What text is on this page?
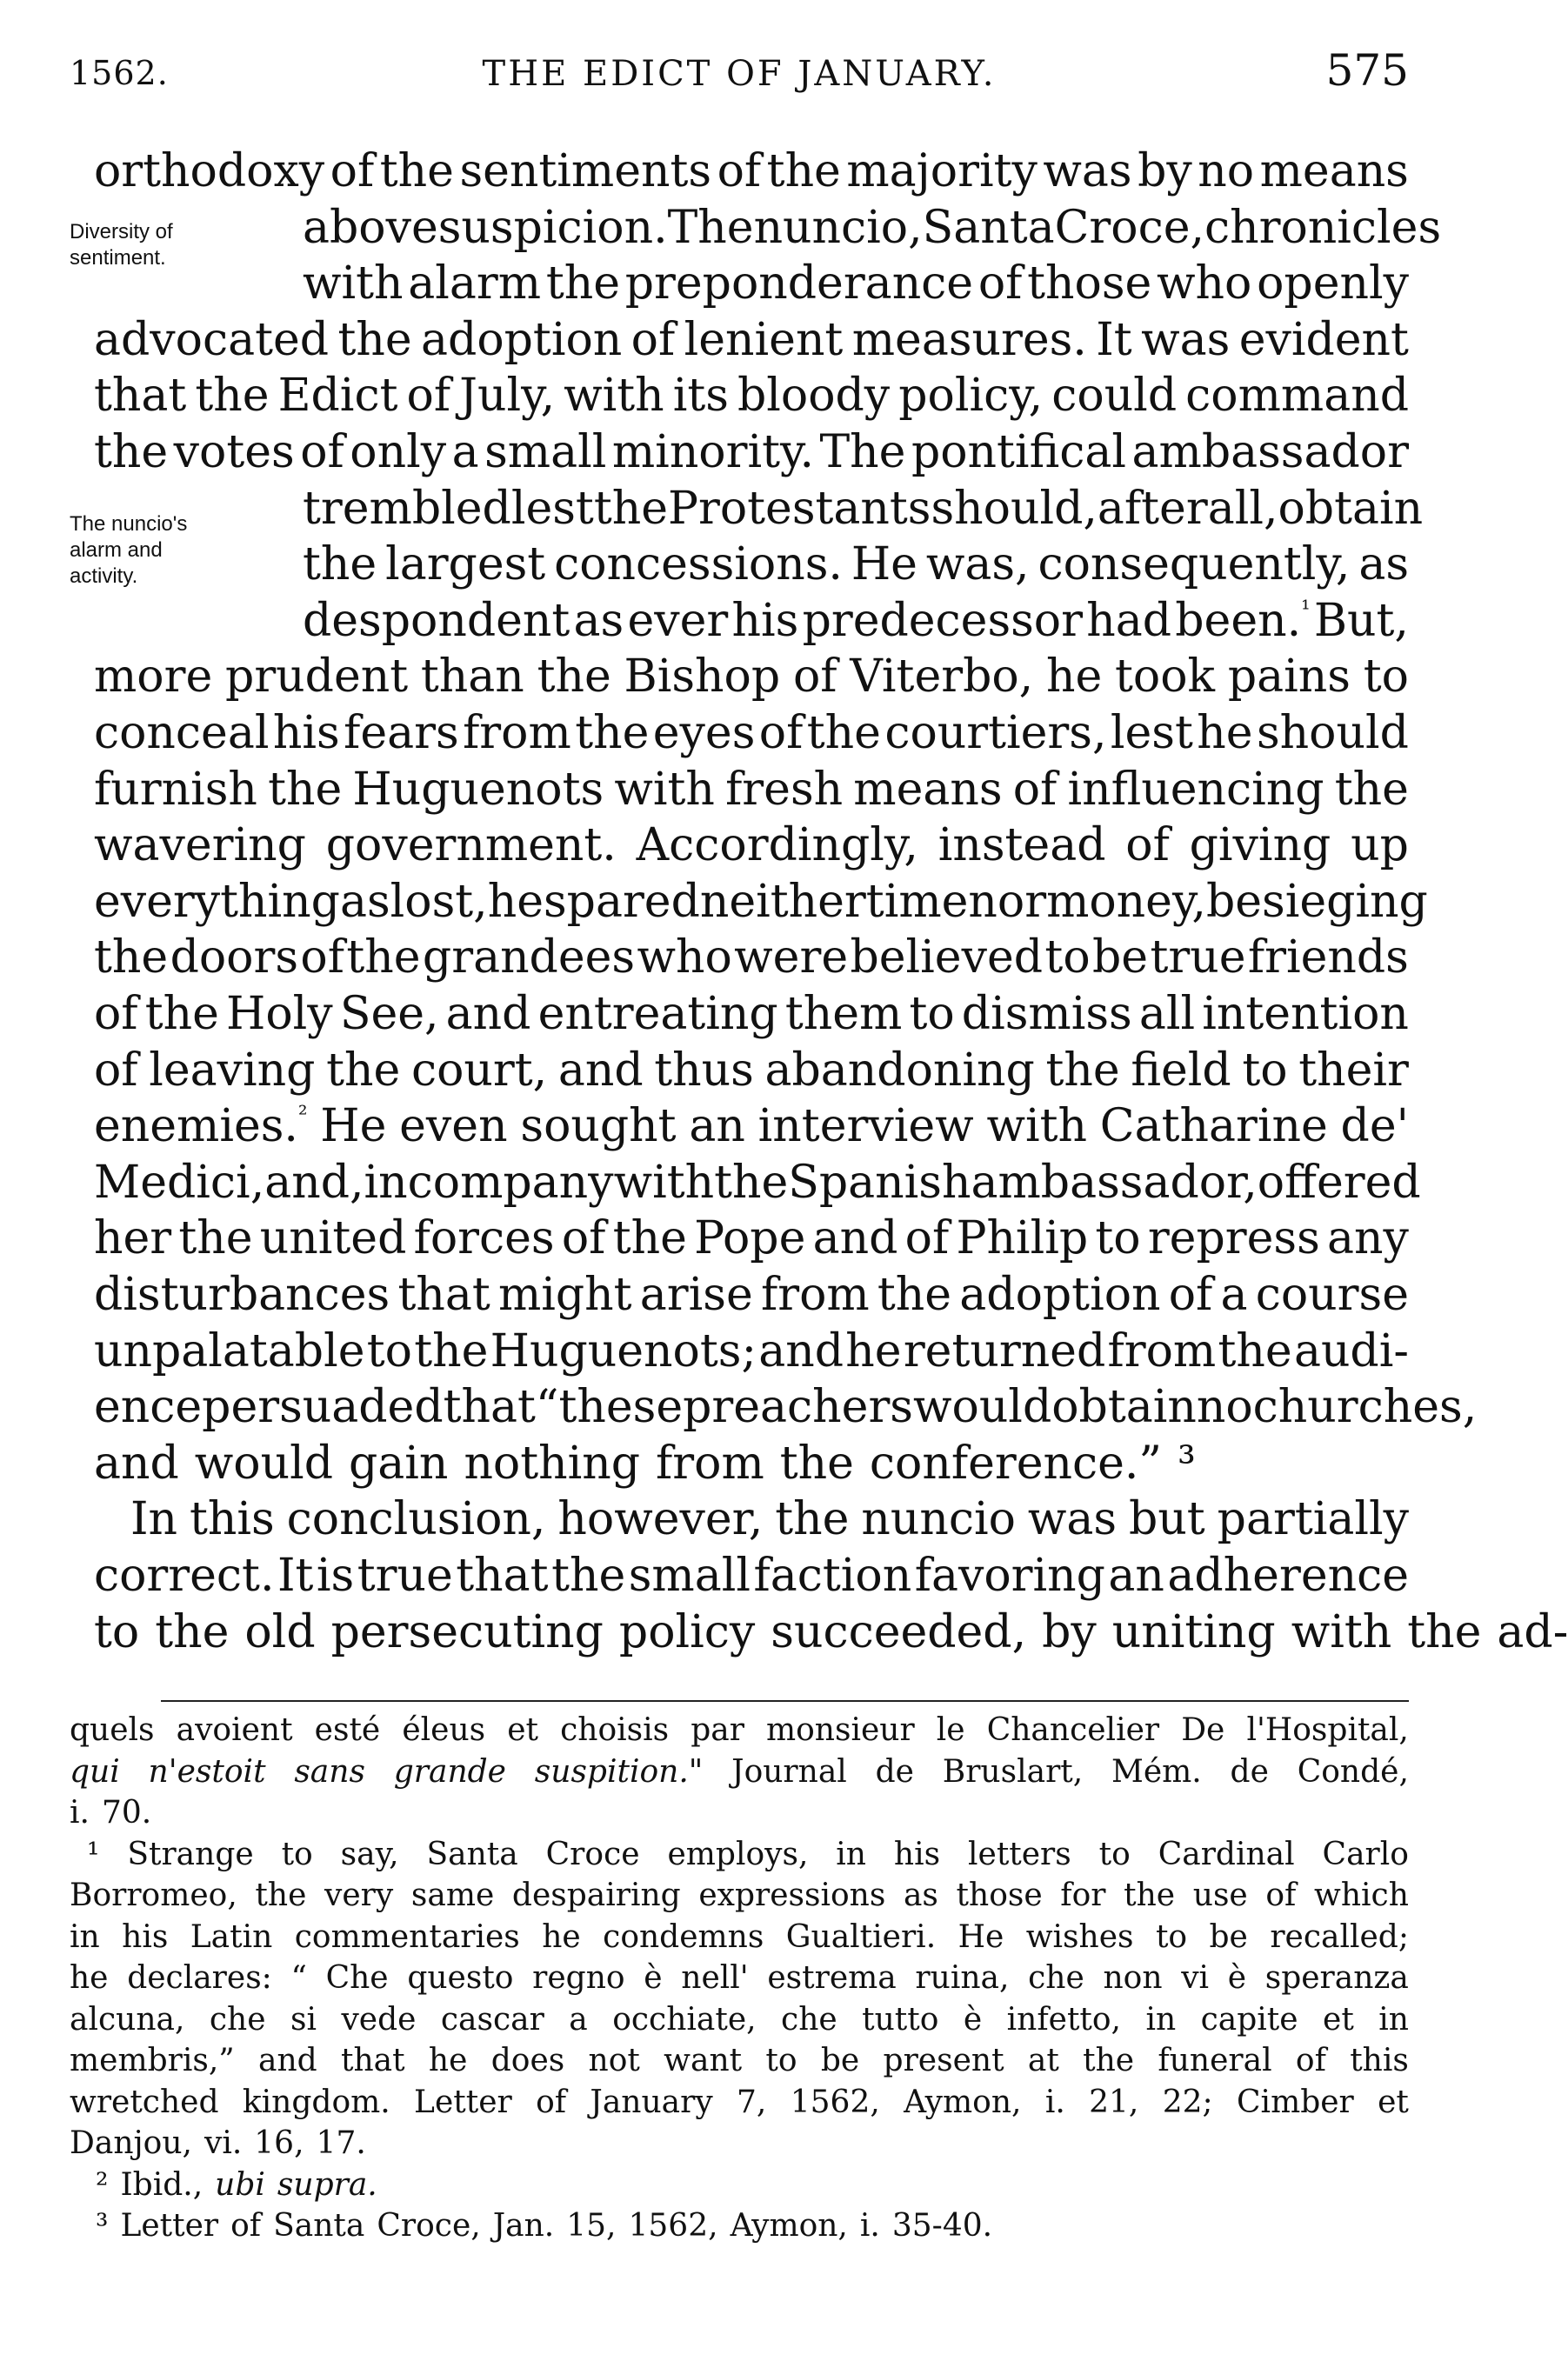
1562.	THE EDICT OF JANUARY.	575
Diversity of
sentiment.
The nuncio's
alarm and
activity.
orthodoxy of the sentiments of the majority was by no means
above suspicion. The nuncio, Santa Croce, chronicles
with alarm the preponderance of those who openly
advocated the adoption of lenient measures. It was evident
that the Edict of July, with its bloody policy, could command
the votes of only a small minority. The pontifical ambassador
trembled lest the Protestants should, after all, obtain
the largest concessions. He was, consequently, as
despondent as ever his predecessor had been.$^{^1}$ But,
more prudent than the Bishop of Viterbo, he took pains to
conceal his fears from the eyes of the courtiers, lest he should
furnish the Huguenots with fresh means of influencing the
wavering government. Accordingly, instead of giving up
everything as lost, he spared neither time nor money, besieging
the doors of the grandees who were believed to be true friends
of the Holy See, and entreating them to dismiss all intention
of leaving the court, and thus abandoning the field to their
enemies.$^{^2}$ He even sought an interview with Catharine de'
Medici, and, in company with the Spanish ambassador, offered
her the united forces of the Pope and of Philip to repress any
disturbances that might arise from the adoption of a course
unpalatable to the Huguenots; and he returned from the audi-
ence persuaded that “ these preachers would obtain no churches,
and would gain nothing from the conference.” ³
In this conclusion, however, the nuncio was but partially
correct. It is true that the small faction favoring an adherence
to the old persecuting policy succeeded, by uniting with the ad-
quels avoient esté éleus et choisis par monsieur le Chancelier De l'Hospital,
qui n'estoit sans grande suspition." Journal de Bruslart, Mém. de Condé,
i. 70.
¹ Strange to say, Santa Croce employs, in his letters to Cardinal Carlo
Borromeo, the very same despairing expressions as those for the use of which
in his Latin commentaries he condemns Gualtieri. He wishes to be recalled;
he declares: “ Che questo regno è nell' estrema ruina, che non vi è speranza
alcuna, che si vede cascar a occhiate, che tutto è infetto, in capite et in
membris,” and that he does not want to be present at the funeral of this
wretched kingdom. Letter of January 7, 1562, Aymon, i. 21, 22; Cimber et
Danjou, vi. 16, 17.
² Ibid., ubi supra.
³ Letter of Santa Croce, Jan. 15, 1562, Aymon, i. 35-40.
